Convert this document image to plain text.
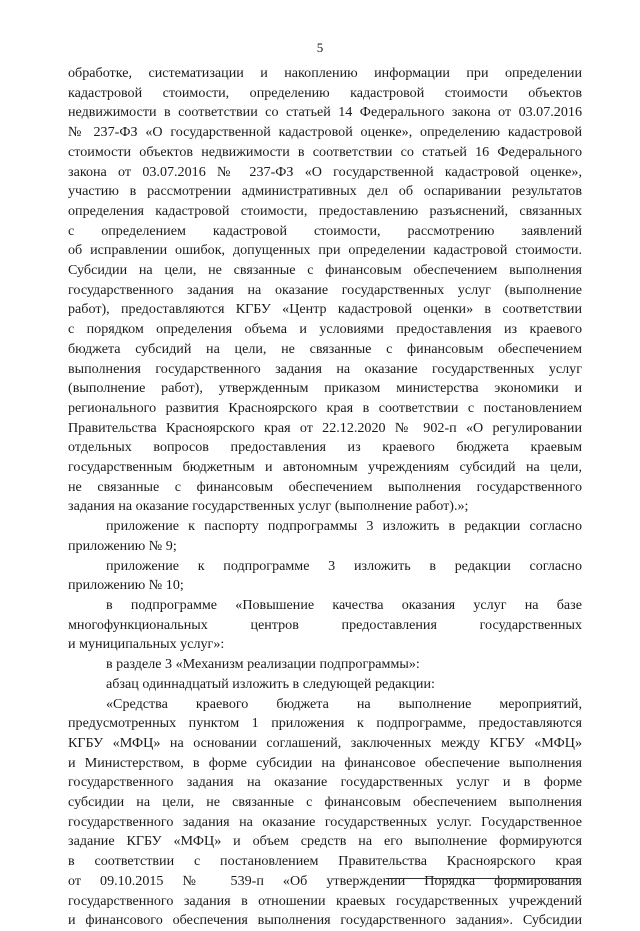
5
обработке, систематизации и накоплению информации при определении
кадастровой стоимости, определению кадастровой стоимости объектов
недвижимости в соответствии со статьей 14 Федерального закона от 03.07.2016
№ 237-ФЗ «О государственной кадастровой оценке», определению кадастровой
стоимости объектов недвижимости в соответствии со статьей 16 Федерального
закона от 03.07.2016 № 237-ФЗ «О государственной кадастровой оценке»,
участию в рассмотрении административных дел об оспаривании результатов
определения кадастровой стоимости, предоставлению разъяснений, связанных
с определением кадастровой стоимости, рассмотрению заявлений
об исправлении ошибок, допущенных при определении кадастровой стоимости.
Субсидии на цели, не связанные с финансовым обеспечением выполнения
государственного задания на оказание государственных услуг (выполнение
работ), предоставляются КГБУ «Центр кадастровой оценки» в соответствии
с порядком определения объема и условиями предоставления из краевого
бюджета субсидий на цели, не связанные с финансовым обеспечением
выполнения государственного задания на оказание государственных услуг
(выполнение работ), утвержденным приказом министерства экономики и
регионального развития Красноярского края в соответствии с постановлением
Правительства Красноярского края от 22.12.2020 № 902-п «О регулировании
отдельных вопросов предоставления из краевого бюджета краевым
государственным бюджетным и автономным учреждениям субсидий на цели,
не связанные с финансовым обеспечением выполнения государственного
задания на оказание государственных услуг (выполнение работ).»;
приложение к паспорту подпрограммы 3 изложить в редакции согласно
приложению № 9;
приложение к подпрограмме 3 изложить в редакции согласно
приложению № 10;
в подпрограмме «Повышение качества оказания услуг на базе
многофункциональных центров предоставления государственных
и муниципальных услуг»:
в разделе 3 «Механизм реализации подпрограммы»:
абзац одиннадцатый изложить в следующей редакции:
«Средства краевого бюджета на выполнение мероприятий,
предусмотренных пунктом 1 приложения к подпрограмме, предоставляются
КГБУ «МФЦ» на основании соглашений, заключенных между КГБУ «МФЦ»
и Министерством, в форме субсидии на финансовое обеспечение выполнения
государственного задания на оказание государственных услуг и в форме
субсидии на цели, не связанные с финансовым обеспечением выполнения
государственного задания на оказание государственных услуг. Государственное
задание КГБУ «МФЦ» и объем средств на его выполнение формируются
в соответствии с постановлением Правительства Красноярского края
от 09.10.2015 № 539-п «Об утверждении Порядка формирования
государственного задания в отношении краевых государственных учреждений
и финансового обеспечения выполнения государственного задания». Субсидии
